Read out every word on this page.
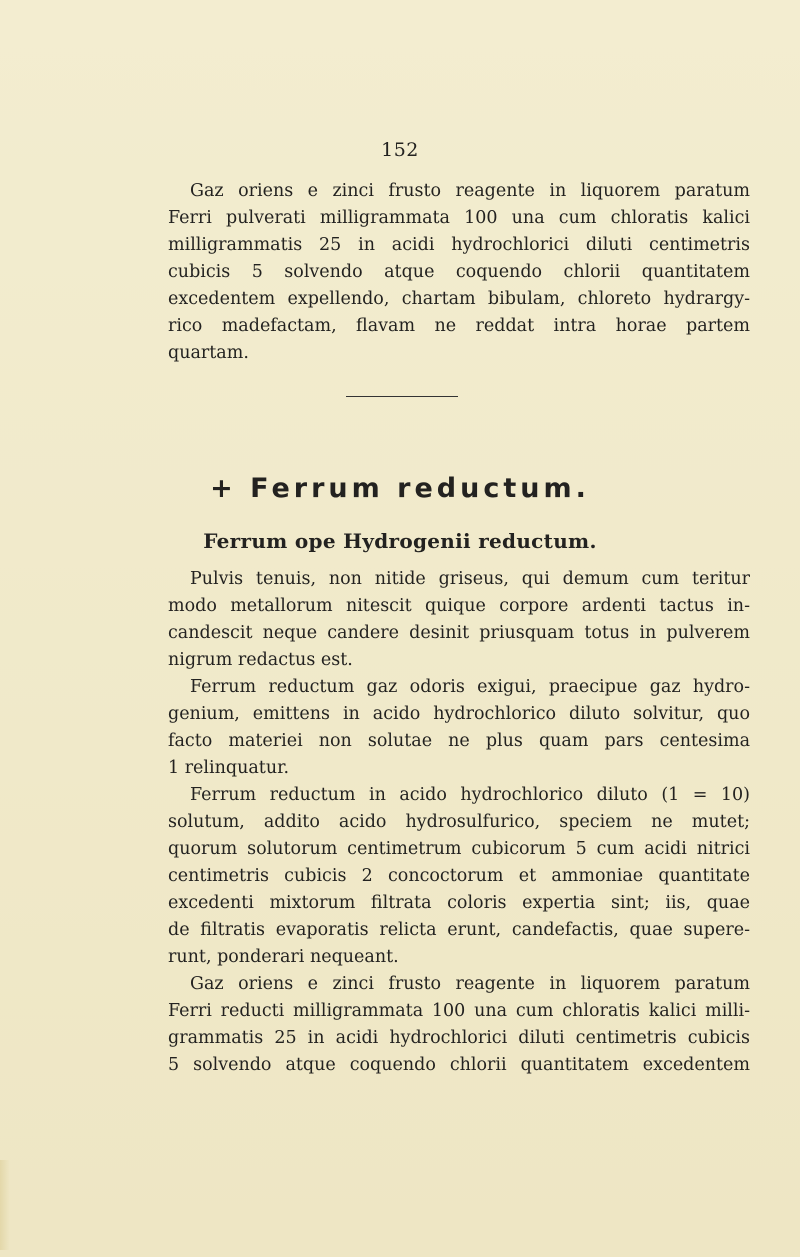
152
Gaz oriens e zinci frusto reagente in liquorem paratum
Ferri pulverati milligrammata 100 una cum chloratis kalici
milligrammatis 25 in acidi hydrochlorici diluti centimetris
cubicis 5 solvendo atque coquendo chlorii quantitatem
excedentem expellendo, chartam bibulam, chloreto hydrargy-
rico madefactam, flavam ne reddat intra horae partem
quartam.
+ Ferrum reductum.
Ferrum ope Hydrogenii reductum.
Pulvis tenuis, non nitide griseus, qui demum cum teritur
modo metallorum nitescit quique corpore ardenti tactus in-
candescit neque candere desinit priusquam totus in pulverem
nigrum redactus est.
Ferrum reductum gaz odoris exigui, praecipue gaz hydro-
genium, emittens in acido hydrochlorico diluto solvitur, quo
facto materiei non solutae ne plus quam pars centesima
1 relinquatur.
Ferrum reductum in acido hydrochlorico diluto (1 = 10)
solutum, addito acido hydrosulfurico, speciem ne mutet;
quorum solutorum centimetrum cubicorum 5 cum acidi nitrici
centimetris cubicis 2 concoctorum et ammoniae quantitate
excedenti mixtorum filtrata coloris expertia sint; iis, quae
de filtratis evaporatis relicta erunt, candefactis, quae supere-
runt, ponderari nequeant.
Gaz oriens e zinci frusto reagente in liquorem paratum
Ferri reducti milligrammata 100 una cum chloratis kalici milli-
grammatis 25 in acidi hydrochlorici diluti centimetris cubicis
5 solvendo atque coquendo chlorii quantitatem excedentem
